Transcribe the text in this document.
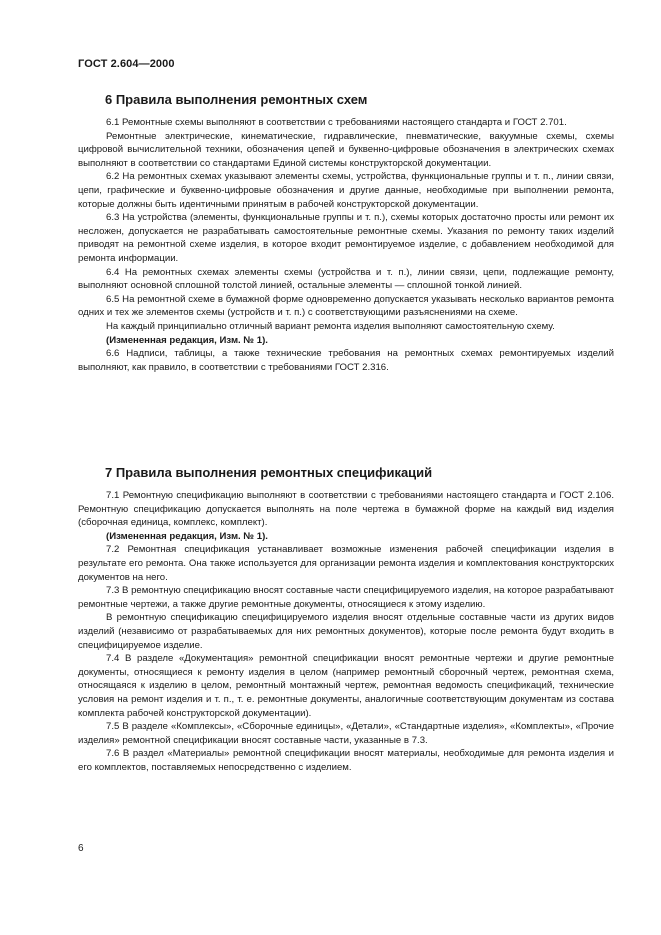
ГОСТ 2.604—2000
6 Правила выполнения ремонтных схем

6.1 Ремонтные схемы выполняют в соответствии с требованиями настоящего стандарта и ГОСТ 2.701.

Ремонтные электрические, кинематические, гидравлические, пневматические, вакуумные схемы, схемы цифровой вычислительной техники, обозначения цепей и буквенно-цифровые обозначения в электрических схемах выполняют в соответствии со стандартами Единой системы конструкторской документации.

6.2 На ремонтных схемах указывают элементы схемы, устройства, функциональные группы и т. п., линии связи, цепи, графические и буквенно-цифровые обозначения и другие данные, необходимые при выполнении ремонта, которые должны быть идентичными принятым в рабочей конструкторской документации.

6.3 На устройства (элементы, функциональные группы и т. п.), схемы которых достаточно просты или ремонт их несложен, допускается не разрабатывать самостоятельные ремонтные схемы. Указания по ремонту таких изделий приводят на ремонтной схеме изделия, в которое входит ремонтируемое изделие, с добавлением необходимой для ремонта информации.

6.4 На ремонтных схемах элементы схемы (устройства и т. п.), линии связи, цепи, подлежащие ремонту, выполняют основной сплошной толстой линией, остальные элементы — сплошной тонкой линией.

6.5 На ремонтной схеме в бумажной форме одновременно допускается указывать несколько вариантов ремонта одних и тех же элементов схемы (устройств и т. п.) с соответствующими разъяснениями на схеме.

На каждый принципиально отличный вариант ремонта изделия выполняют самостоятельную схему.

(Измененная редакция, Изм. № 1).

6.6 Надписи, таблицы, а также технические требования на ремонтных схемах ремонтируемых изделий выполняют, как правило, в соответствии с требованиями ГОСТ 2.316.

7 Правила выполнения ремонтных спецификаций

7.1 Ремонтную спецификацию выполняют в соответствии с требованиями настоящего стандарта и ГОСТ 2.106. Ремонтную спецификацию допускается выполнять на поле чертежа в бумажной форме на каждый вид изделия (сборочная единица, комплекс, комплект).

(Измененная редакция, Изм. № 1).

7.2 Ремонтная спецификация устанавливает возможные изменения рабочей спецификации изделия в результате его ремонта. Она также используется для организации ремонта изделия и комплектования конструкторских документов на него.

7.3 В ремонтную спецификацию вносят составные части специфицируемого изделия, на которое разрабатывают ремонтные чертежи, а также другие ремонтные документы, относящиеся к этому изделию.

В ремонтную спецификацию специфицируемого изделия вносят отдельные составные части из других видов изделий (независимо от разрабатываемых для них ремонтных документов), которые после ремонта будут входить в специфицируемое изделие.

7.4 В разделе «Документация» ремонтной спецификации вносят ремонтные чертежи и другие ремонтные документы, относящиеся к ремонту изделия в целом (например ремонтный сборочный чертеж, ремонтная схема, относящаяся к изделию в целом, ремонтный монтажный чертеж, ремонтная ведомость спецификаций, технические условия на ремонт изделия и т. п., т. е. ремонтные документы, аналогичные соответствующим документам из состава комплекта рабочей конструкторской документации).

7.5 В разделе «Комплексы», «Сборочные единицы», «Детали», «Стандартные изделия», «Комплекты», «Прочие изделия» ремонтной спецификации вносят составные части, указанные в 7.3.

7.6 В раздел «Материалы» ремонтной спецификации вносят материалы, необходимые для ремонта изделия и его комплектов, поставляемых непосредственно с изделием.

6
